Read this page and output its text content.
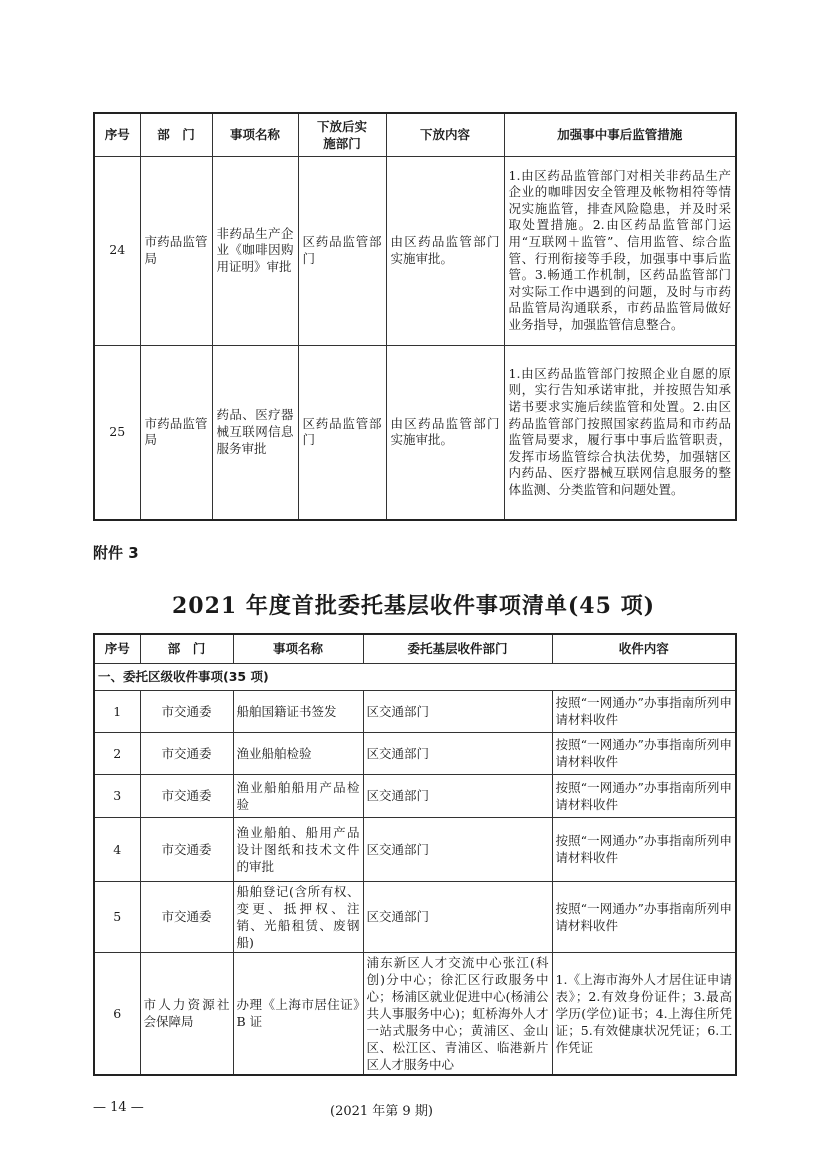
序号	部　门	事项名称	下放后实施部门	下放内容	加强事中事后监管措施
24	市药品监管局	非药品生产企业《咖啡因购用证明》审批	区药品监管部门	由区药品监管部门实施审批。	1.由区药品监管部门对相关非药品生产企业的咖啡因安全管理及帐物相符等情况实施监管，排查风险隐患，并及时采取处置措施。2.由区药品监管部门运用“互联网＋监管”、信用监管、综合监管、行刑衔接等手段，加强事中事后监管。3.畅通工作机制，区药品监管部门对实际工作中遇到的问题，及时与市药品监管局沟通联系，市药品监管局做好业务指导，加强监管信息整合。
25	市药品监管局	药品、医疗器械互联网信息服务审批	区药品监管部门	由区药品监管部门实施审批。	1.由区药品监管部门按照企业自愿的原则，实行告知承诺审批，并按照告知承诺书要求实施后续监管和处置。2.由区药品监管部门按照国家药监局和市药品监管局要求，履行事中事后监管职责，发挥市场监管综合执法优势，加强辖区内药品、医疗器械互联网信息服务的整体监测、分类监管和问题处置。
附件 3
2021 年度首批委托基层收件事项清单(45 项)
序号	部　门	事项名称	委托基层收件部门	收件内容
一、委托区级收件事项(35 项)				
1	市交通委	船舶国籍证书签发	区交通部门	按照“一网通办”办事指南所列申请材料收件
2	市交通委	渔业船舶检验	区交通部门	按照“一网通办”办事指南所列申请材料收件
3	市交通委	渔业船舶船用产品检验	区交通部门	按照“一网通办”办事指南所列申请材料收件
4	市交通委	渔业船舶、船用产品设计图纸和技术文件的审批	区交通部门	按照“一网通办”办事指南所列申请材料收件
5	市交通委	船舶登记(含所有权、变更、抵押权、注销、光船租赁、废钢船)	区交通部门	按照“一网通办”办事指南所列申请材料收件
6	市人力资源社会保障局	办理《上海市居住证》B 证	浦东新区人才交流中心张江(科创)分中心；徐汇区行政服务中心；杨浦区就业促进中心(杨浦公共人事服务中心)；虹桥海外人才一站式服务中心；黄浦区、金山区、松江区、青浦区、临港新片区人才服务中心	1.《上海市海外人才居住证申请表》；2.有效身份证件；3.最高学历(学位)证书；4.上海住所凭证；5.有效健康状况凭证；6.工作凭证
— 14 —	(2021 年第 9 期)
